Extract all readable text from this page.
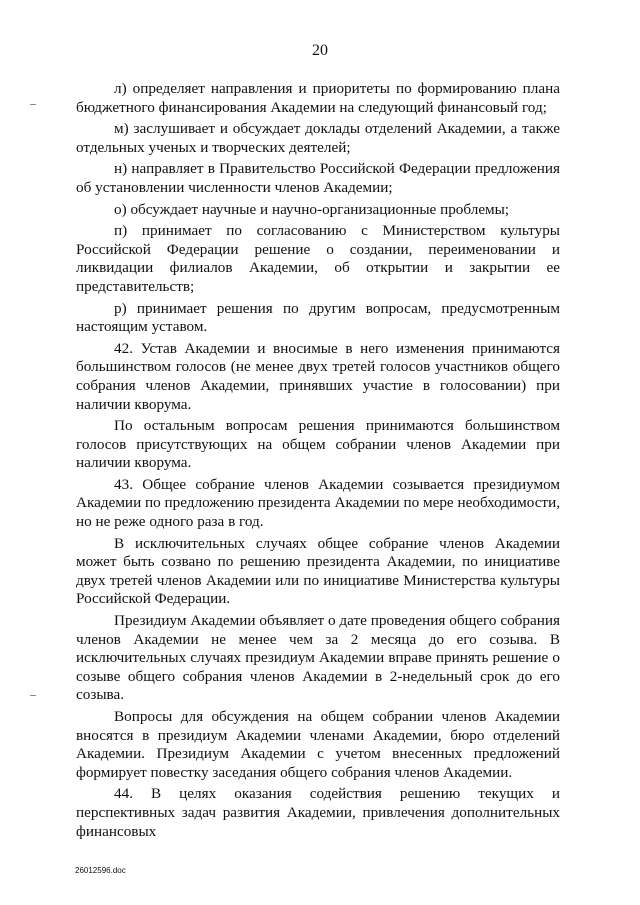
20

л) определяет направления и приоритеты по формированию плана бюджетного финансирования Академии на следующий финансовый год;

м) заслушивает и обсуждает доклады отделений Академии, а также отдельных ученых и творческих деятелей;

н) направляет в Правительство Российской Федерации предложения об установлении численности членов Академии;

о) обсуждает научные и научно-организационные проблемы;

п) принимает по согласованию с Министерством культуры Российской Федерации решение о создании, переименовании и ликвидации филиалов Академии, об открытии и закрытии ее представительств;

р) принимает решения по другим вопросам, предусмотренным настоящим уставом.

42. Устав Академии и вносимые в него изменения принимаются большинством голосов (не менее двух третей голосов участников общего собрания членов Академии, принявших участие в голосовании) при наличии кворума.

По остальным вопросам решения принимаются большинством голосов присутствующих на общем собрании членов Академии при наличии кворума.

43. Общее собрание членов Академии созывается президиумом Академии по предложению президента Академии по мере необходимости, но не реже одного раза в год.

В исключительных случаях общее собрание членов Академии может быть созвано по решению президента Академии, по инициативе двух третей членов Академии или по инициативе Министерства культуры Российской Федерации.

Президиум Академии объявляет о дате проведения общего собрания членов Академии не менее чем за 2 месяца до его созыва. В исключительных случаях президиум Академии вправе принять решение о созыве общего собрания членов Академии в 2-недельный срок до его созыва.

Вопросы для обсуждения на общем собрании членов Академии вносятся в президиум Академии членами Академии, бюро отделений Академии. Президиум Академии с учетом внесенных предложений формирует повестку заседания общего собрания членов Академии.

44. В целях оказания содействия решению текущих и перспективных задач развития Академии, привлечения дополнительных финансовых

26012596.doc
